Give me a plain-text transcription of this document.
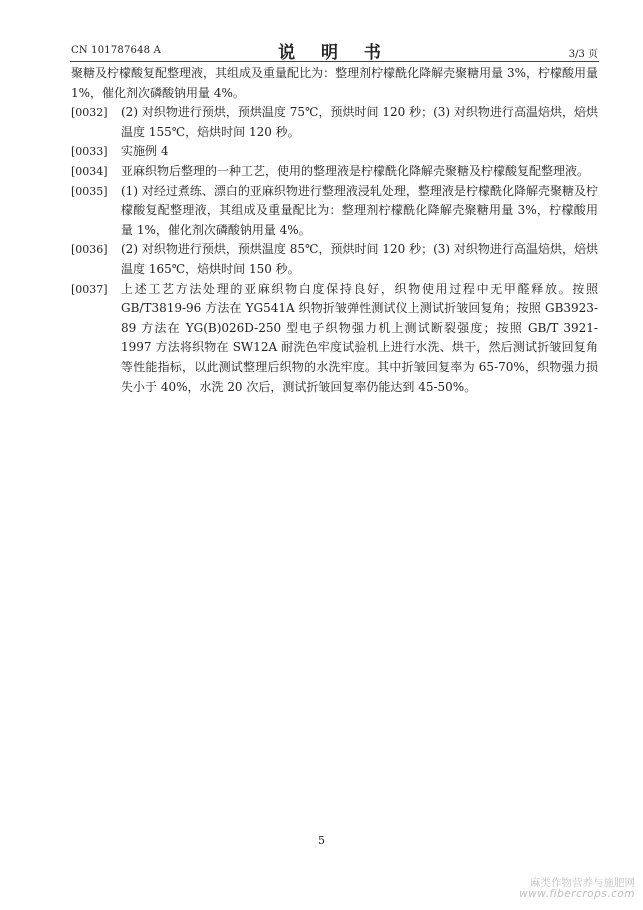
CN 101787648 A	说 明 书	3/3 页
聚糖及柠檬酸复配整理液，其组成及重量配比为：整理剂柠檬酰化降解壳聚糖用量 3%，柠檬酸用量 1%，催化剂次磷酸钠用量 4%。
[0032] (2) 对织物进行预烘，预烘温度 75℃，预烘时间 120 秒；(3) 对织物进行高温焙烘，焙烘温度 155℃，焙烘时间 120 秒。
[0033] 实施例 4
[0034] 亚麻织物后整理的一种工艺，使用的整理液是柠檬酰化降解壳聚糖及柠檬酸复配整理液。
[0035] (1) 对经过煮练、漂白的亚麻织物进行整理液浸轧处理，整理液是柠檬酰化降解壳聚糖及柠檬酸复配整理液，其组成及重量配比为：整理剂柠檬酰化降解壳聚糖用量 3%，柠檬酸用量 1%，催化剂次磷酸钠用量 4%。
[0036] (2) 对织物进行预烘，预烘温度 85℃，预烘时间 120 秒；(3) 对织物进行高温焙烘，焙烘温度 165℃，焙烘时间 150 秒。
[0037] 上述工艺方法处理的亚麻织物白度保持良好，织物使用过程中无甲醛释放。按照 GB/T3819-96 方法在 YG541A 织物折皱弹性测试仪上测试折皱回复角；按照 GB3923-89 方法在 YG(B)026D-250 型电子织物强力机上测试断裂强度；按照 GB/T 3921-1997 方法将织物在 SW12A 耐洗色牢度试验机上进行水洗、烘干，然后测试折皱回复角等性能指标，以此测试整理后织物的水洗牢度。其中折皱回复率为 65-70%，织物强力损失小于 40%，水洗 20 次后，测试折皱回复率仍能达到 45-50%。
5
麻类作物营养与施肥网
www.fibercrops.com
